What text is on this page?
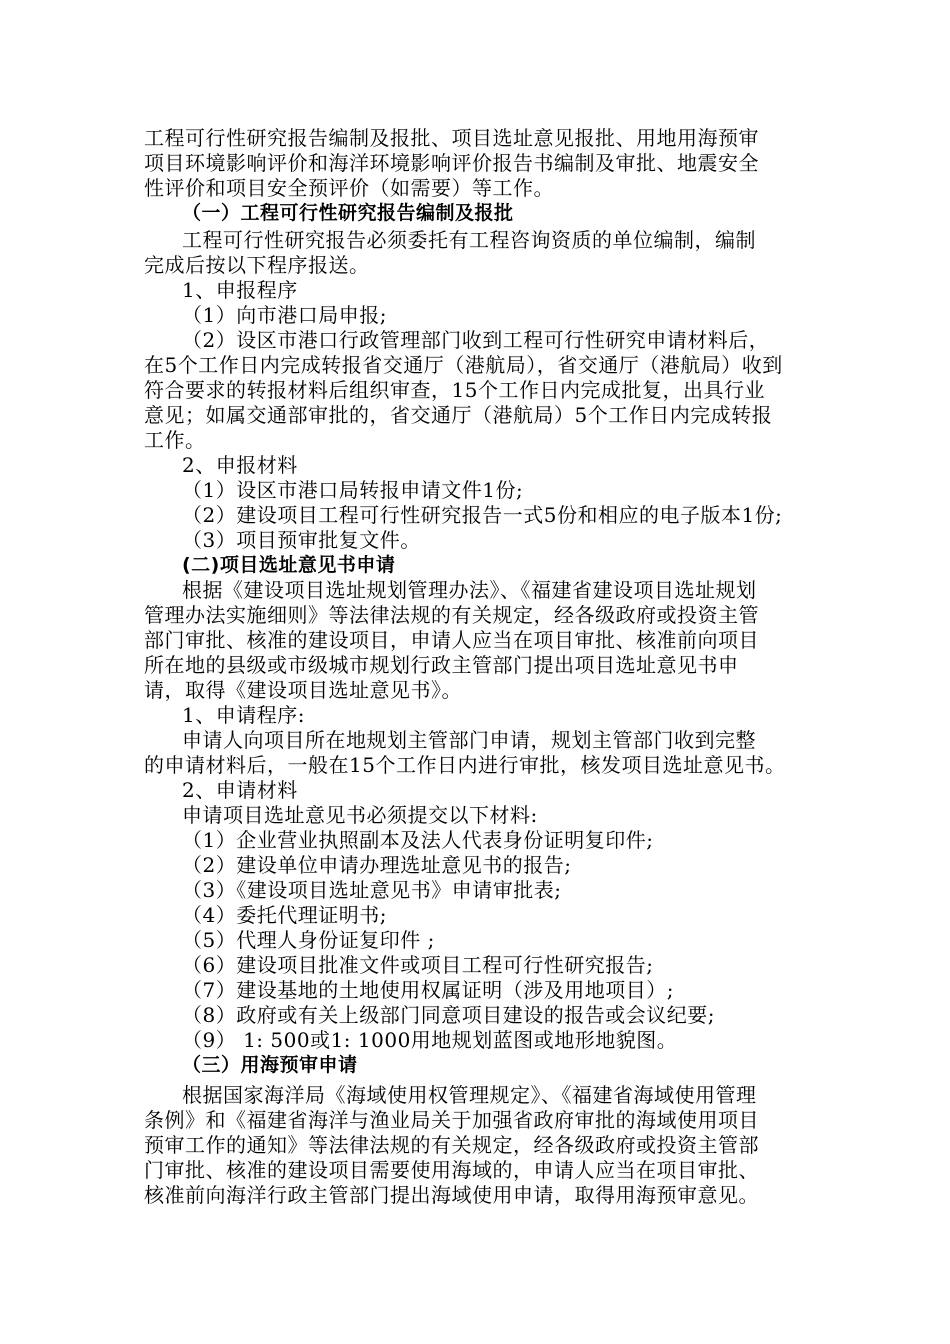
工程可行性研究报告编制及报批、项目选址意见报批、用地用海预审
项目环境影响评价和海洋环境影响评价报告书编制及审批、地震安全
性评价和项目安全预评价（如需要）等工作。
（一）工程可行性研究报告编制及报批
工程可行性研究报告必须委托有工程咨询资质的单位编制，编制
完成后按以下程序报送。
1、申报程序
（1）向市港口局申报;
（2）设区市港口行政管理部门收到工程可行性研究申请材料后，
在5个工作日内完成转报省交通厅（港航局），省交通厅（港航局）收到
符合要求的转报材料后组织审查，15个工作日内完成批复，出具行业
意见；如属交通部审批的，省交通厅（港航局）5个工作日内完成转报
工作。
2、申报材料
（1）设区市港口局转报申请文件1份;
（2）建设项目工程可行性研究报告一式5份和相应的电子版本1份;
（3）项目预审批复文件。
(二)项目选址意见书申请
根据《建设项目选址规划管理办法》、《福建省建设项目选址规划
管理办法实施细则》等法律法规的有关规定，经各级政府或投资主管
部门审批、核准的建设项目，申请人应当在项目审批、核准前向项目
所在地的县级或市级城市规划行政主管部门提出项目选址意见书申
请，取得《建设项目选址意见书》。
1、申请程序:
申请人向项目所在地规划主管部门申请，规划主管部门收到完整
的申请材料后，一般在15个工作日内进行审批，核发项目选址意见书。
2、申请材料
申请项目选址意见书必须提交以下材料:
（1）企业营业执照副本及法人代表身份证明复印件;
（2）建设单位申请办理选址意见书的报告;
（3）《建设项目选址意见书》申请审批表;
（4）委托代理证明书;
（5）代理人身份证复印件 ;
（6）建设项目批准文件或项目工程可行性研究报告;
（7）建设基地的土地使用权属证明（涉及用地项目）;
（8）政府或有关上级部门同意项目建设的报告或会议纪要;
（9） 1: 500或1: 1000用地规划蓝图或地形地貌图。
（三）用海预审申请
根据国家海洋局《海域使用权管理规定》、《福建省海域使用管理
条例》和《福建省海洋与渔业局关于加强省政府审批的海域使用项目
预审工作的通知》等法律法规的有关规定，经各级政府或投资主管部
门审批、核准的建设项目需要使用海域的，申请人应当在项目审批、
核准前向海洋行政主管部门提出海域使用申请，取得用海预审意见。
